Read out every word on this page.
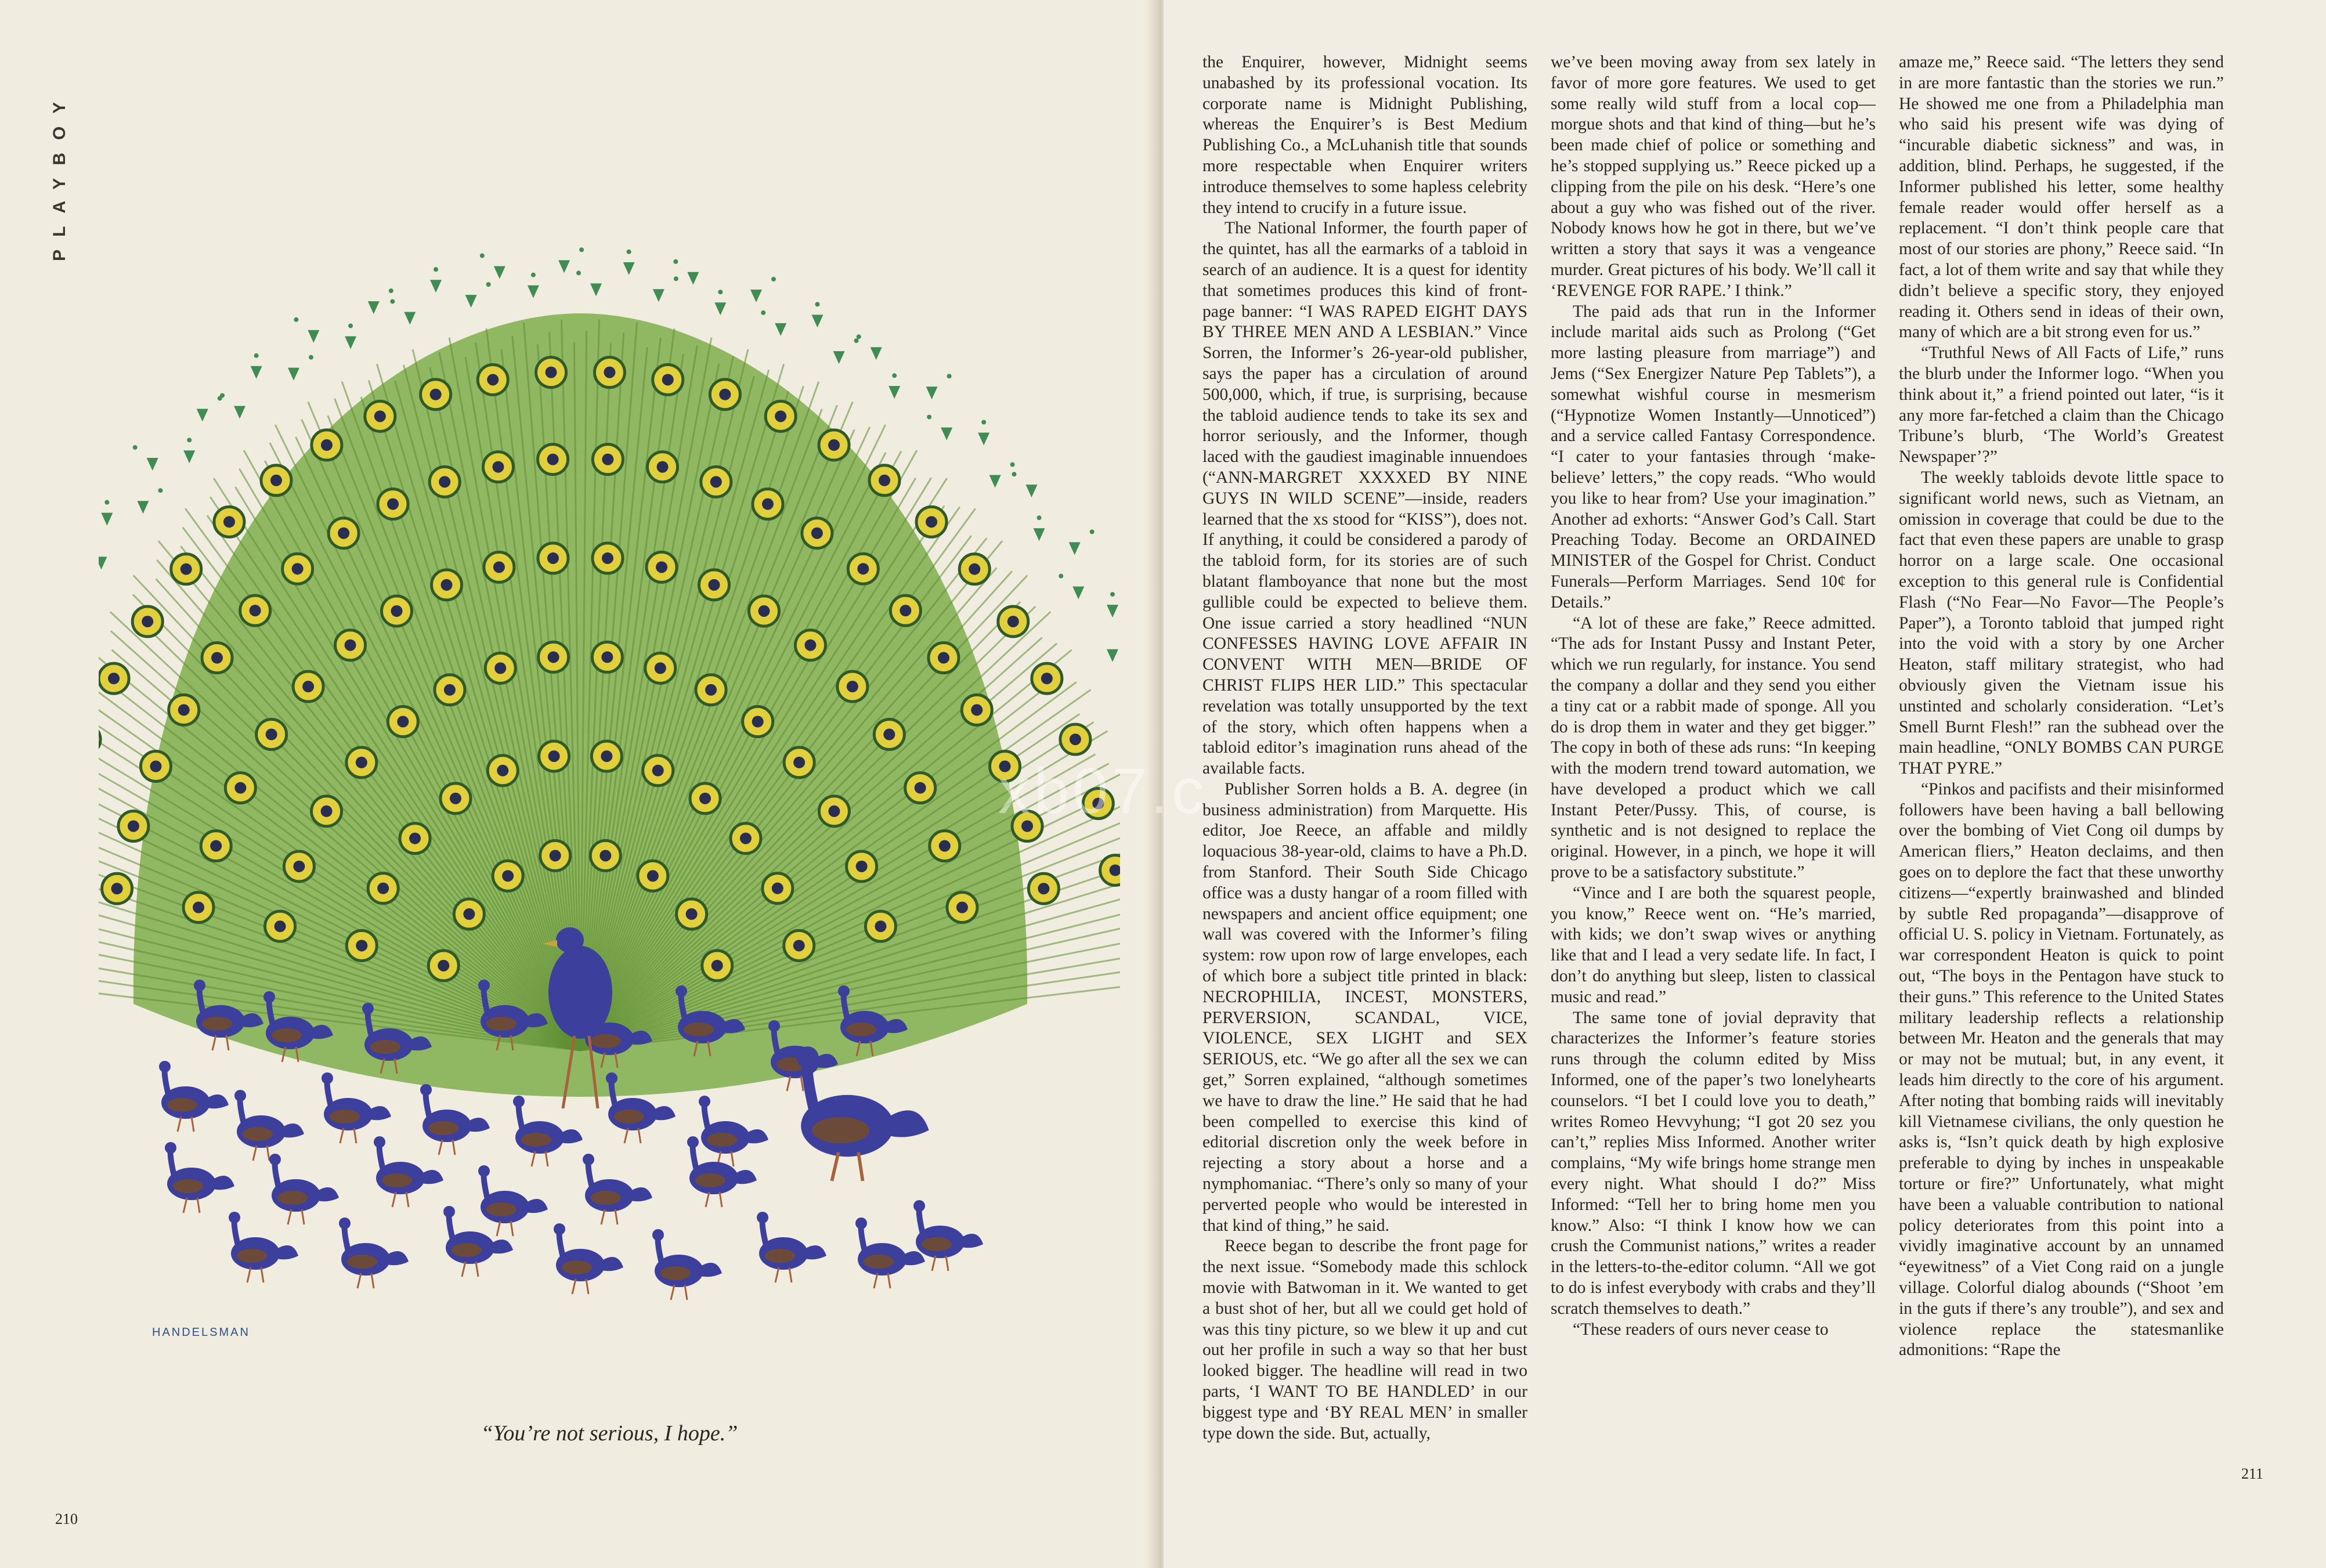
PLAYBOY
HANDELSMAN
“You’re not serious, I hope.”
210

the Enquirer, however, Midnight seems unabashed by its professional vocation. Its corporate name is Midnight Publishing, whereas the Enquirer’s is Best Medium Publishing Co., a McLuhanish title that sounds more respectable when Enquirer writers introduce themselves to some hapless celebrity they intend to crucify in a future issue.

The National Informer, the fourth paper of the quintet, has all the earmarks of a tabloid in search of an audience. It is a quest for identity that sometimes produces this kind of front-page banner: “I WAS RAPED EIGHT DAYS BY THREE MEN AND A LESBIAN.” Vince Sorren, the Informer’s 26-year-old publisher, says the paper has a circulation of around 500,000, which, if true, is surprising, because the tabloid audience tends to take its sex and horror seriously, and the Informer, though laced with the gaudiest imaginable innuendoes (“ANN-MARGRET XXXXED BY NINE GUYS IN WILD SCENE”—inside, readers learned that the xs stood for “KISS”), does not. If anything, it could be considered a parody of the tabloid form, for its stories are of such blatant flamboyance that none but the most gullible could be expected to believe them. One issue carried a story headlined “NUN CONFESSES HAVING LOVE AFFAIR IN CONVENT WITH MEN—BRIDE OF CHRIST FLIPS HER LID.” This spectacular revelation was totally unsupported by the text of the story, which often happens when a tabloid editor’s imagination runs ahead of the available facts.

Publisher Sorren holds a B. A. degree (in business administration) from Marquette. His editor, Joe Reece, an affable and mildly loquacious 38-year-old, claims to have a Ph.D. from Stanford. Their South Side Chicago office was a dusty hangar of a room filled with newspapers and ancient office equipment; one wall was covered with the Informer’s filing system: row upon row of large envelopes, each of which bore a subject title printed in black: NECROPHILIA, INCEST, MONSTERS, PERVERSION, SCANDAL, VICE, VIOLENCE, SEX LIGHT and SEX SERIOUS, etc. “We go after all the sex we can get,” Sorren explained, “although sometimes we have to draw the line.” He said that he had been compelled to exercise this kind of editorial discretion only the week before in rejecting a story about a horse and a nymphomaniac. “There’s only so many of your perverted people who would be interested in that kind of thing,” he said.

Reece began to describe the front page for the next issue. “Somebody made this schlock movie with Batwoman in it. We wanted to get a bust shot of her, but all we could get hold of was this tiny picture, so we blew it up and cut out her profile in such a way so that her bust looked bigger. The headline will read in two parts, ‘I WANT TO BE HANDLED’ in our biggest type and ‘BY REAL MEN’ in smaller type down the side. But, actually,

we’ve been moving away from sex lately in favor of more gore features. We used to get some really wild stuff from a local cop—morgue shots and that kind of thing—but he’s been made chief of police or something and he’s stopped supplying us.” Reece picked up a clipping from the pile on his desk. “Here’s one about a guy who was fished out of the river. Nobody knows how he got in there, but we’ve written a story that says it was a vengeance murder. Great pictures of his body. We’ll call it ‘REVENGE FOR RAPE.’ I think.”

The paid ads that run in the Informer include marital aids such as Prolong (“Get more lasting pleasure from marriage”) and Jems (“Sex Energizer Nature Pep Tablets”), a somewhat wishful course in mesmerism (“Hypnotize Women Instantly—Unnoticed”) and a service called Fantasy Correspondence. “I cater to your fantasies through ‘make-believe’ letters,” the copy reads. “Who would you like to hear from? Use your imagination.” Another ad exhorts: “Answer God’s Call. Start Preaching Today. Become an ORDAINED MINISTER of the Gospel for Christ. Conduct Funerals—Perform Marriages. Send 10¢ for Details.”

“A lot of these are fake,” Reece admitted. “The ads for Instant Pussy and Instant Peter, which we run regularly, for instance. You send the company a dollar and they send you either a tiny cat or a rabbit made of sponge. All you do is drop them in water and they get bigger.” The copy in both of these ads runs: “In keeping with the modern trend toward automation, we have developed a product which we call Instant Peter/Pussy. This, of course, is synthetic and is not designed to replace the original. However, in a pinch, we hope it will prove to be a satisfactory substitute.”

“Vince and I are both the squarest people, you know,” Reece went on. “He’s married, with kids; we don’t swap wives or anything like that and I lead a very sedate life. In fact, I don’t do anything but sleep, listen to classical music and read.”

The same tone of jovial depravity that characterizes the Informer’s feature stories runs through the column edited by Miss Informed, one of the paper’s two lonelyhearts counselors. “I bet I could love you to death,” writes Romeo Hevvyhung; “I got 20 sez you can’t,” replies Miss Informed. Another writer complains, “My wife brings home strange men every night. What should I do?” Miss Informed: “Tell her to bring home men you know.” Also: “I think I know how we can crush the Communist nations,” writes a reader in the letters-to-the-editor column. “All we got to do is infest everybody with crabs and they’ll scratch themselves to death.”

“These readers of ours never cease to

amaze me,” Reece said. “The letters they send in are more fantastic than the stories we run.” He showed me one from a Philadelphia man who said his present wife was dying of “incurable diabetic sickness” and was, in addition, blind. Perhaps, he suggested, if the Informer published his letter, some healthy female reader would offer herself as a replacement. “I don’t think people care that most of our stories are phony,” Reece said. “In fact, a lot of them write and say that while they didn’t believe a specific story, they enjoyed reading it. Others send in ideas of their own, many of which are a bit strong even for us.”

“Truthful News of All Facts of Life,” runs the blurb under the Informer logo. “When you think about it,” a friend pointed out later, “is it any more far-fetched a claim than the Chicago Tribune’s blurb, ‘The World’s Greatest Newspaper’?”

The weekly tabloids devote little space to significant world news, such as Vietnam, an omission in coverage that could be due to the fact that even these papers are unable to grasp horror on a large scale. One occasional exception to this general rule is Confidential Flash (“No Fear—No Favor—The People’s Paper”), a Toronto tabloid that jumped right into the void with a story by one Archer Heaton, staff military strategist, who had obviously given the Vietnam issue his unstinted and scholarly consideration. “Let’s Smell Burnt Flesh!” ran the subhead over the main headline, “ONLY BOMBS CAN PURGE THAT PYRE.”

“Pinkos and pacifists and their misinformed followers have been having a ball bellowing over the bombing of Viet Cong oil dumps by American fliers,” Heaton declaims, and then goes on to deplore the fact that these unworthy citizens—“expertly brainwashed and blinded by subtle Red propaganda”—disapprove of official U. S. policy in Vietnam. Fortunately, as war correspondent Heaton is quick to point out, “The boys in the Pentagon have stuck to their guns.” This reference to the United States military leadership reflects a relationship between Mr. Heaton and the generals that may or may not be mutual; but, in any event, it leads him directly to the core of his argument. After noting that bombing raids will inevitably kill Vietnamese civilians, the only question he asks is, “Isn’t quick death by high explosive preferable to dying by inches in unspeakable torture or fire?” Unfortunately, what might have been a valuable contribution to national policy deteriorates from this point into a vividly imaginative account by an unnamed “eyewitness” of a Viet Cong raid on a jungle village. Colorful dialog abounds (“Shoot ’em in the guts if there’s any trouble”), and sex and violence replace the statesmanlike admonitions: “Rape the

211
xb07.c
